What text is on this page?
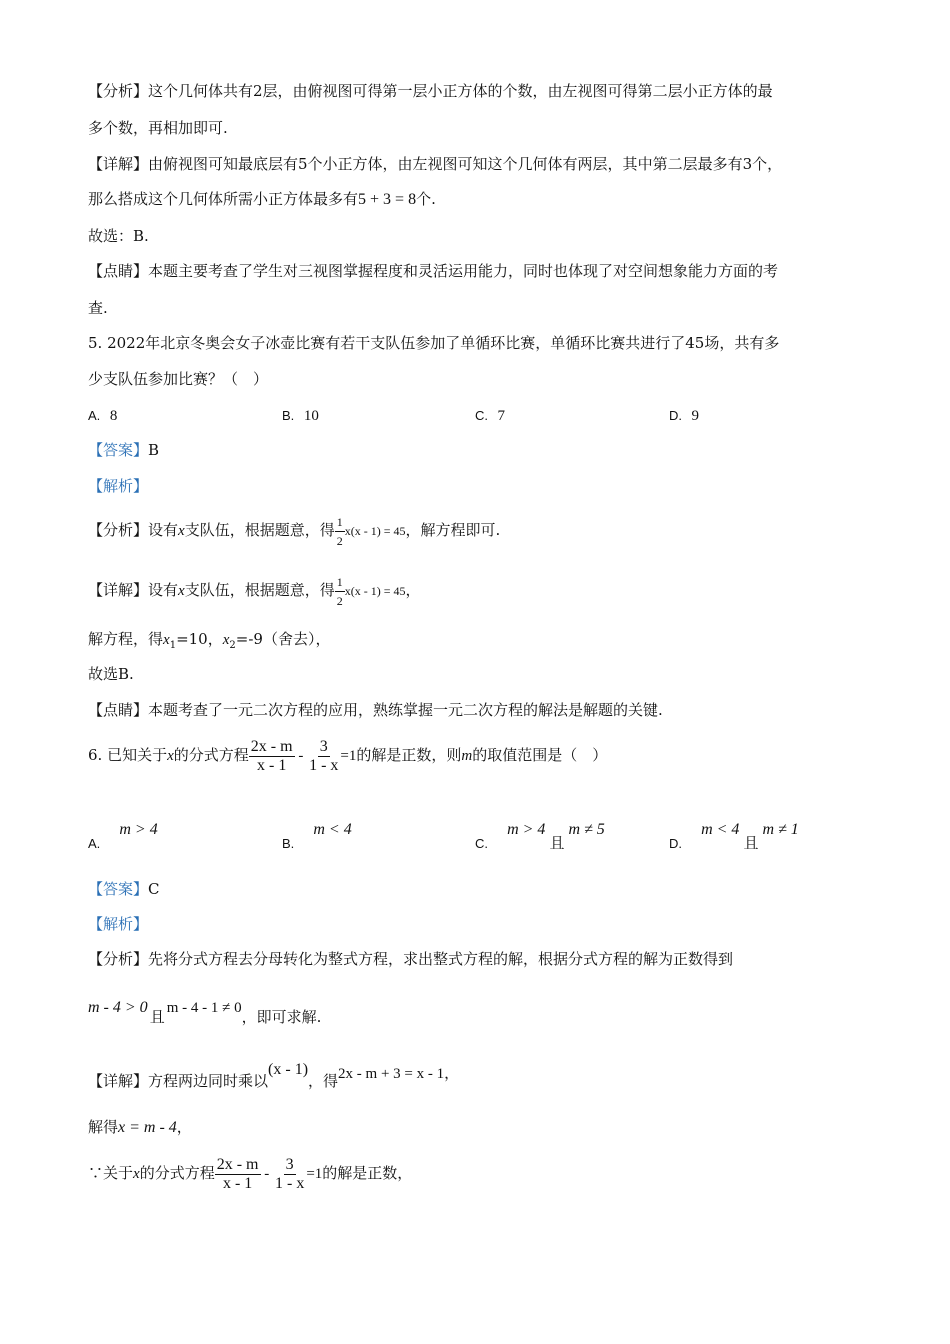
【分析】这个几何体共有2层，由俯视图可得第一层小正方体的个数，由左视图可得第二层小正方体的最
多个数，再相加即可.
【详解】由俯视图可知最底层有5个小正方体，由左视图可知这个几何体有两层，其中第二层最多有3个，
那么搭成这个几何体所需小正方体最多有5 + 3 = 8个.
故选：B.
【点睛】本题主要考查了学生对三视图掌握程度和灵活运用能力，同时也体现了对空间想象能力方面的考
查.
5. 2022年北京冬奥会女子冰壶比赛有若干支队伍参加了单循环比赛，单循环比赛共进行了45场，共有多
少支队伍参加比赛？（　）
A. 8	B. 10	C. 7	D. 9
【答案】B
【解析】
【分析】设有x支队伍，根据题意，得 $\frac{1}{2} x(x - 1) = 45$，解方程即可.
【详解】设有x支队伍，根据题意，得 $\frac{1}{2} x(x - 1) = 45$，
解方程，得$x_1=10$，$x_2=-9$（舍去），
故选B.
【点睛】本题考查了一元二次方程的应用，熟练掌握一元二次方程的解法是解题的关键.
6. 已知关于x的分式方程 $\frac{2x - m}{x - 1} - \frac{3}{1 - x} =1$的解是正数，则m的取值范围是（　）
A.    m > 4
B.    m < 4
C.    m > 4且m ≠ 5
D.    m < 4且m ≠ 1
【答案】C
【解析】
【分析】先将分式方程去分母转化为整式方程，求出整式方程的解，根据分式方程的解为正数得到
m - 4 > 0且 m - 4 - 1 ≠ 0，即可求解.
【详解】方程两边同时乘以(x - 1)，得2x - m + 3 = x - 1，
解得x = m - 4，
∵关于x的分式方程 $\frac{2x - m}{x - 1} - \frac{3}{1 - x} =1$的解是正数，
